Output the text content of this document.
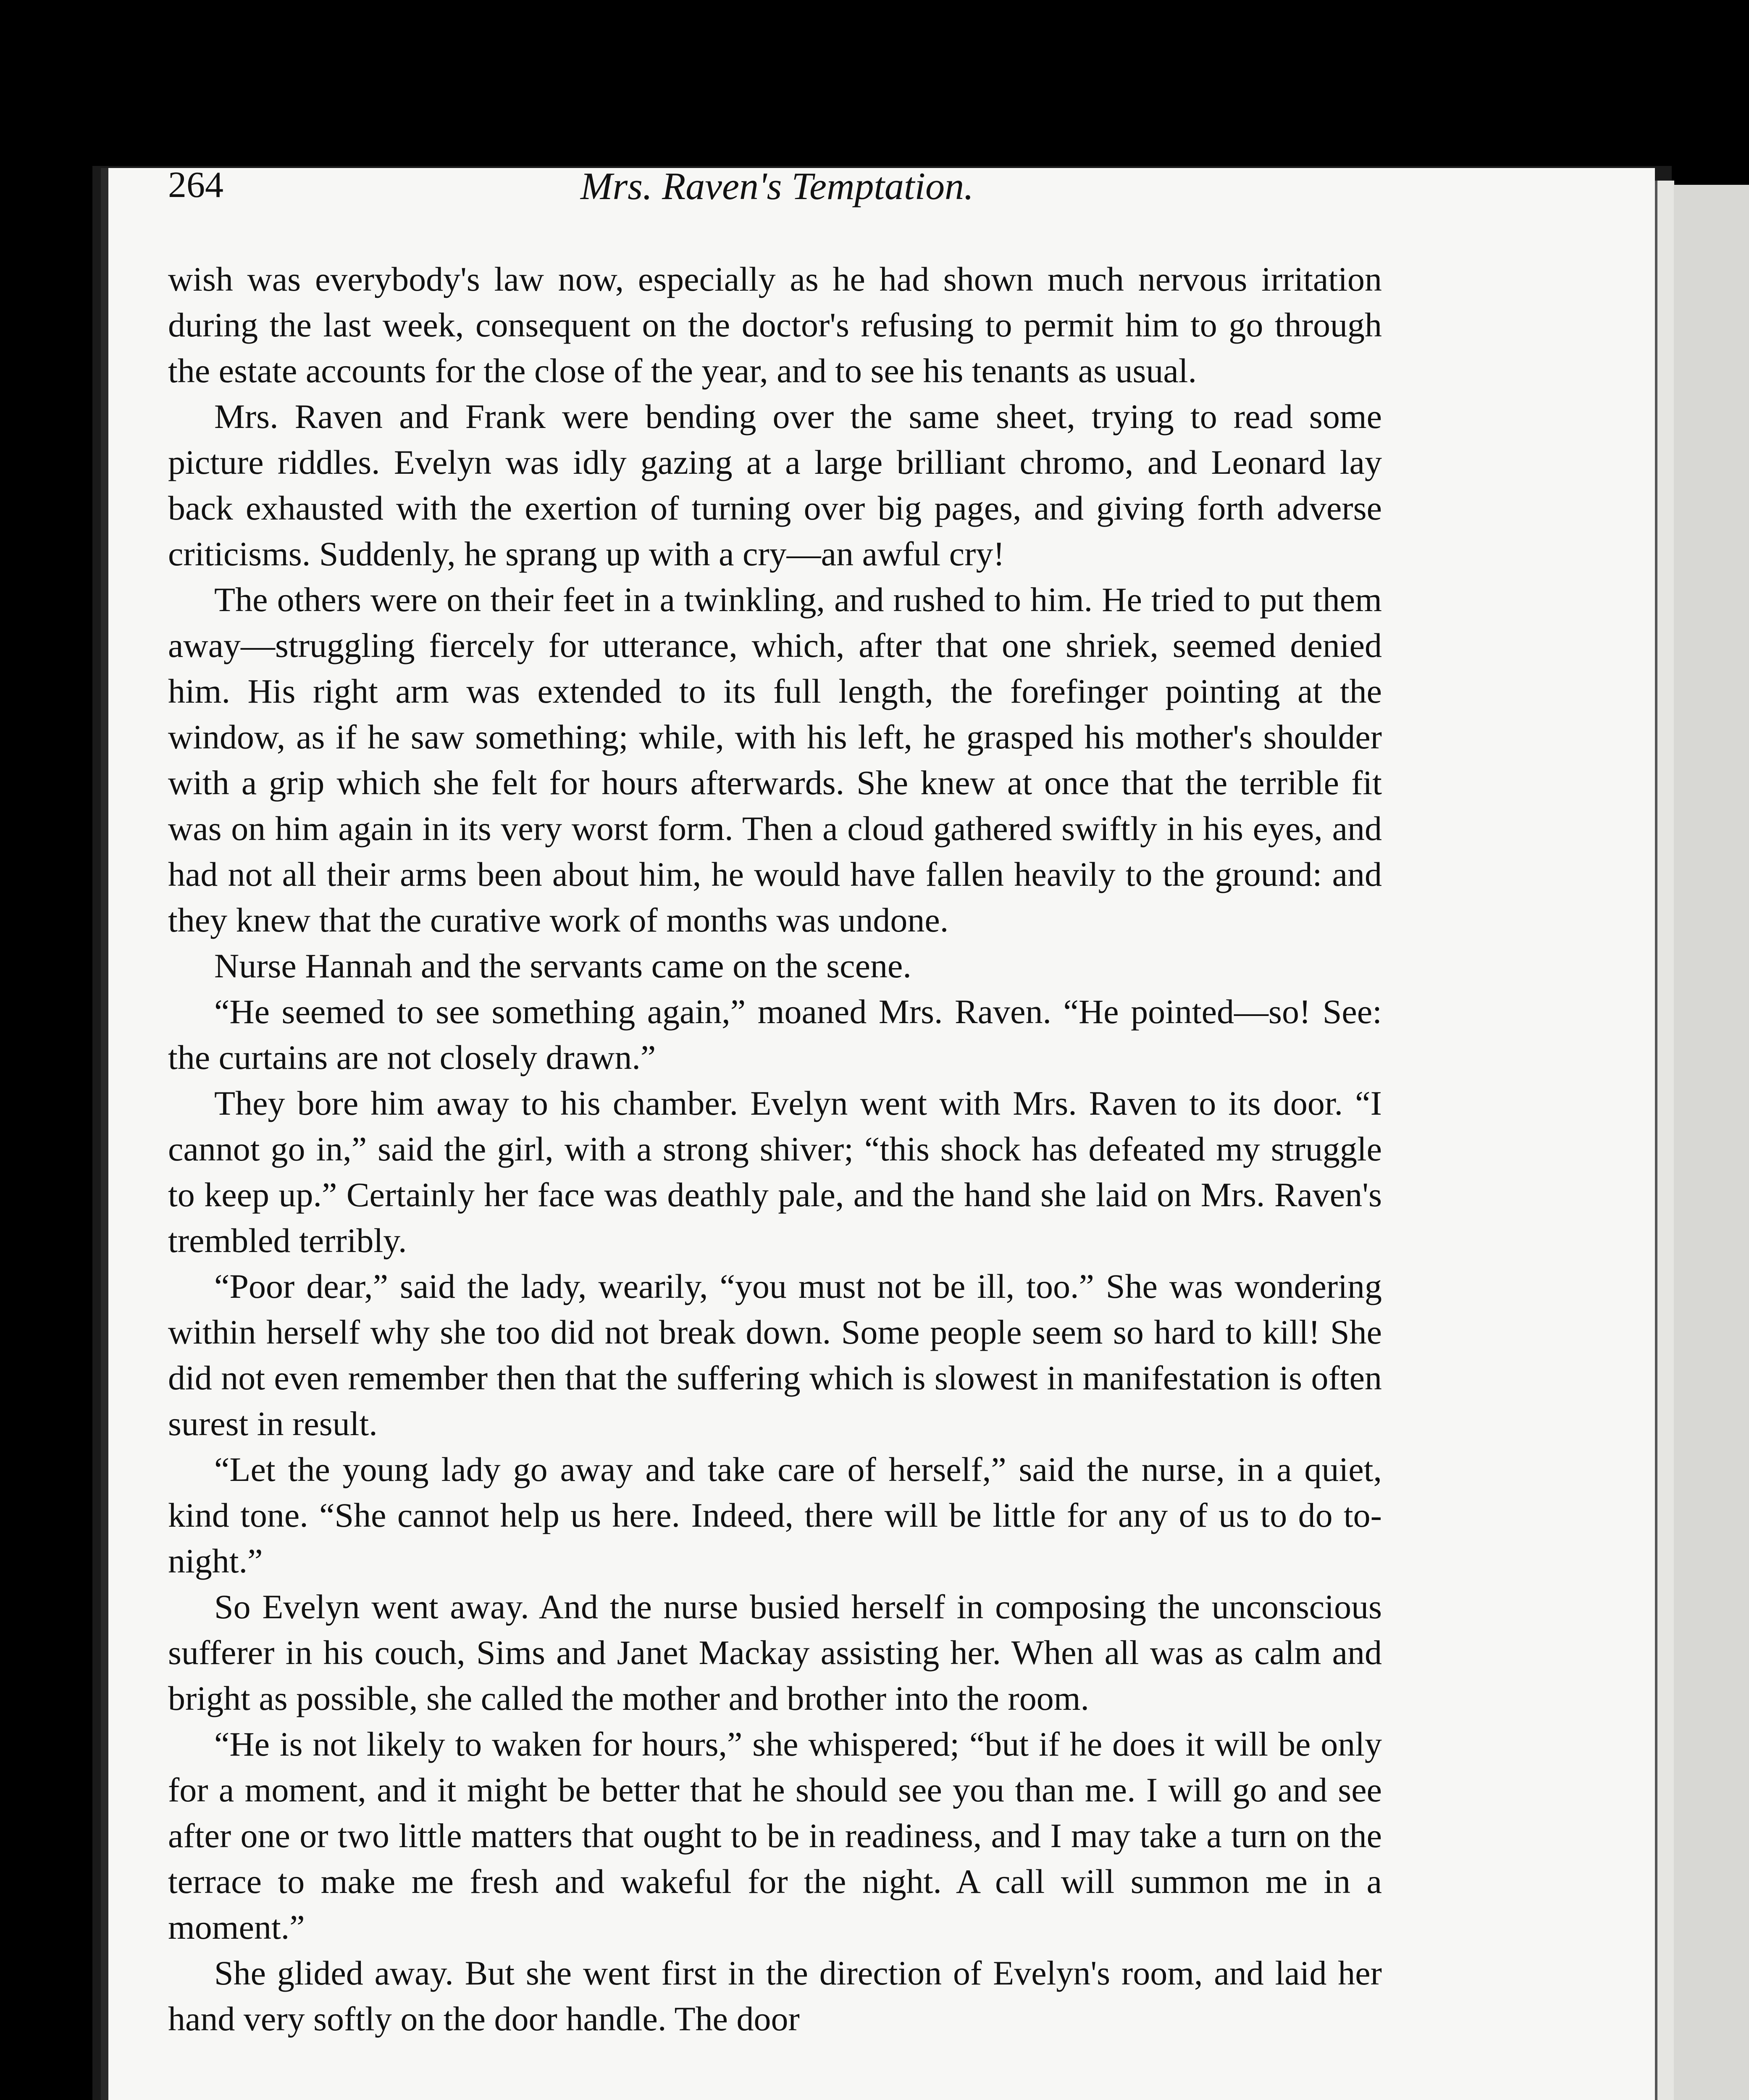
264	Mrs. Raven's Temptation.

wish was everybody's law now, especially as he had shown much nervous irritation during the last week, consequent on the doctor's refusing to permit him to go through the estate accounts for the close of the year, and to see his tenants as usual.

Mrs. Raven and Frank were bending over the same sheet, trying to read some picture riddles. Evelyn was idly gazing at a large brilliant chromo, and Leonard lay back exhausted with the exertion of turning over big pages, and giving forth adverse criticisms. Suddenly, he sprang up with a cry—an awful cry!

The others were on their feet in a twinkling, and rushed to him. He tried to put them away—struggling fiercely for utterance, which, after that one shriek, seemed denied him. His right arm was extended to its full length, the forefinger pointing at the window, as if he saw something; while, with his left, he grasped his mother's shoulder with a grip which she felt for hours afterwards. She knew at once that the terrible fit was on him again in its very worst form. Then a cloud gathered swiftly in his eyes, and had not all their arms been about him, he would have fallen heavily to the ground: and they knew that the curative work of months was undone.

Nurse Hannah and the servants came on the scene.

“He seemed to see something again,” moaned Mrs. Raven. “He pointed—so! See: the curtains are not closely drawn.”

They bore him away to his chamber. Evelyn went with Mrs. Raven to its door. “I cannot go in,” said the girl, with a strong shiver; “this shock has defeated my struggle to keep up.” Certainly her face was deathly pale, and the hand she laid on Mrs. Raven's trembled terribly.

“Poor dear,” said the lady, wearily, “you must not be ill, too.” She was wondering within herself why she too did not break down. Some people seem so hard to kill! She did not even remember then that the suffering which is slowest in manifestation is often surest in result.

“Let the young lady go away and take care of herself,” said the nurse, in a quiet, kind tone. “She cannot help us here. Indeed, there will be little for any of us to do to-night.”

So Evelyn went away. And the nurse busied herself in composing the unconscious sufferer in his couch, Sims and Janet Mackay assisting her. When all was as calm and bright as possible, she called the mother and brother into the room.

“He is not likely to waken for hours,” she whispered; “but if he does it will be only for a moment, and it might be better that he should see you than me. I will go and see after one or two little matters that ought to be in readiness, and I may take a turn on the terrace to make me fresh and wakeful for the night. A call will summon me in a moment.”

She glided away. But she went first in the direction of Evelyn's room, and laid her hand very softly on the door handle. The door
